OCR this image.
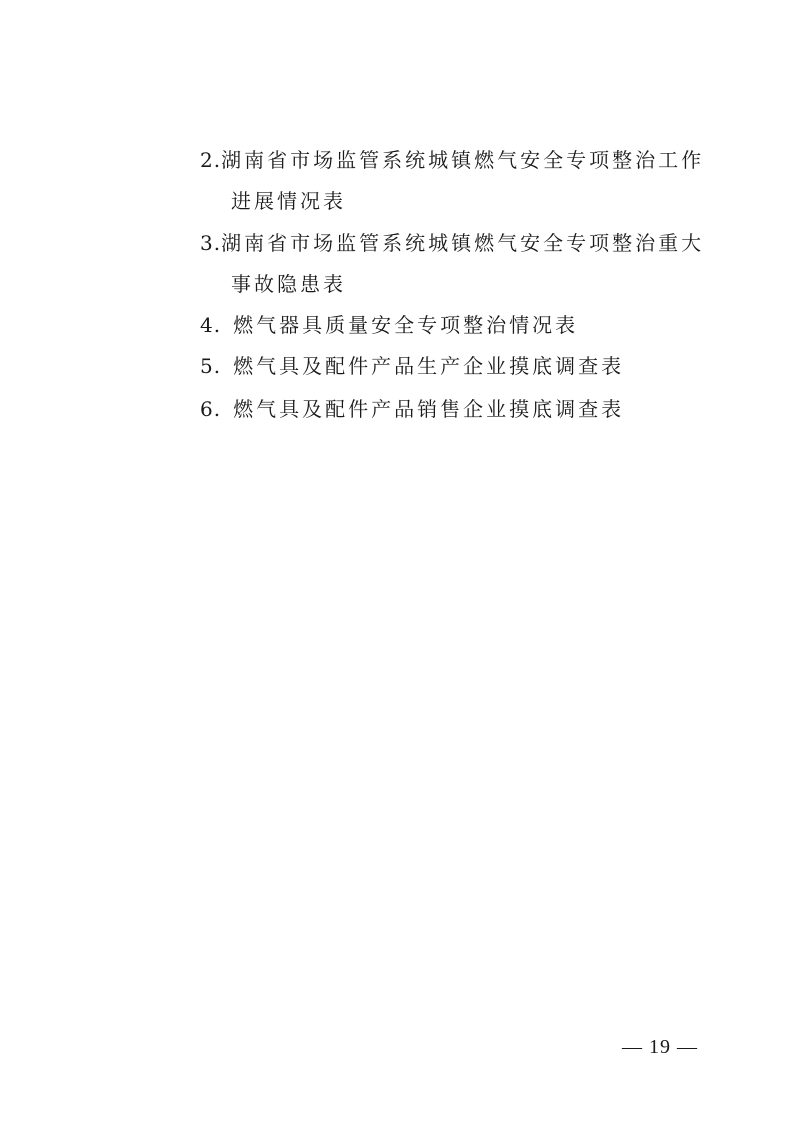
2.湖南省市场监管系统城镇燃气安全专项整治工作
进展情况表
3.湖南省市场监管系统城镇燃气安全专项整治重大
事故隐患表
4. 燃气器具质量安全专项整治情况表
5. 燃气具及配件产品生产企业摸底调查表
6. 燃气具及配件产品销售企业摸底调查表
— 19 —
